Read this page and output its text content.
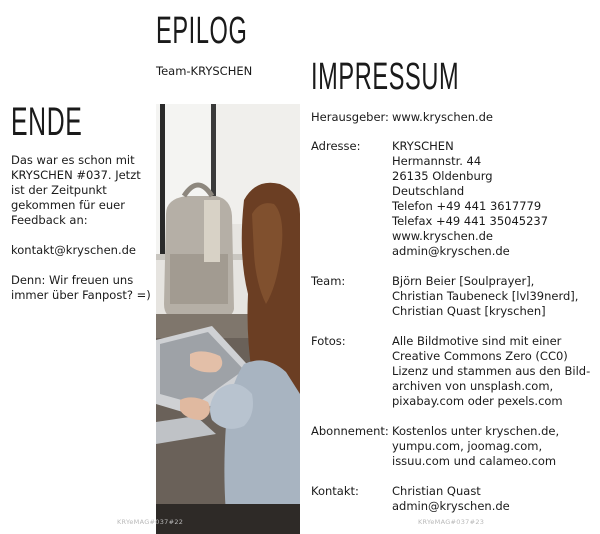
EPILOG
Team-KRYSCHEN
ENDE

Das war es schon mit KRYSCHEN #037. Jetzt ist der Zeitpunkt gekommen für euer Feedback an:

kontakt@kryschen.de

Denn: Wir freuen uns immer über Fanpost? =)

IMPRESSUM
Herausgeber: www.kryschen.de
Adresse:	KRYSCHEN
Hermannstr. 44
26135 Oldenburg
Deutschland
Telefon +49 441 3617779
Telefax +49 441 35045237
www.kryschen.de
admin@kryschen.de
Team:	Björn Beier [Soulprayer],
Christian Taubeneck [lvl39nerd],
Christian Quast [kryschen]
Fotos:	Alle Bildmotive sind mit einer
Creative Commons Zero (CC0)
Lizenz und stammen aus den Bild-
archiven von unsplash.com,
pixabay.com oder pexels.com
Abonnement: Kostenlos unter kryschen.de,
yumpu.com, joomag.com,
issuu.com und calameo.com
Kontakt:	Christian Quast
admin@kryschen.de
KRYeMAG#037#22	KRYeMAG#037#23
